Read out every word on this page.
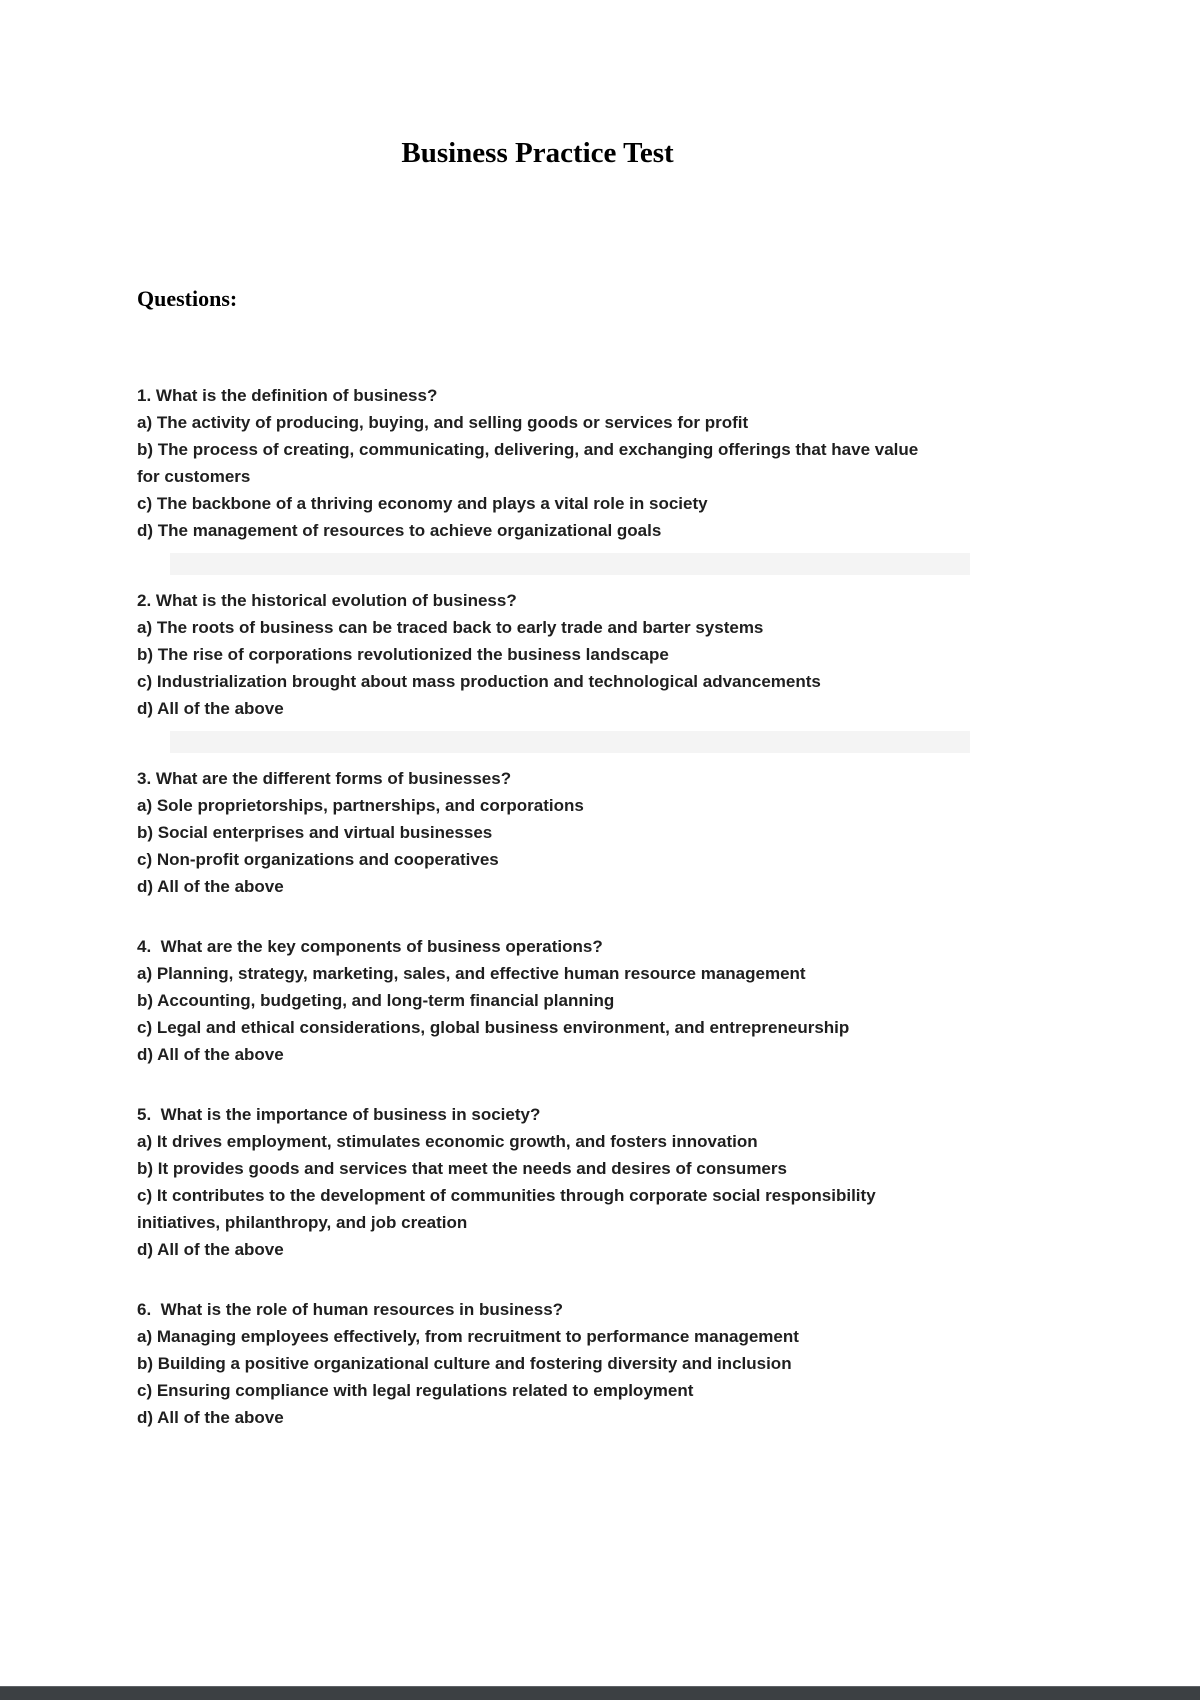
Business Practice Test
Questions:

1. What is the definition of business?

a) The activity of producing, buying, and selling goods or services for profit

b) The process of creating, communicating, delivering, and exchanging offerings that have value for customers

c) The backbone of a thriving economy and plays a vital role in society

d) The management of resources to achieve organizational goals

2. What is the historical evolution of business?

a) The roots of business can be traced back to early trade and barter systems

b) The rise of corporations revolutionized the business landscape

c) Industrialization brought about mass production and technological advancements

d) All of the above

3. What are the different forms of businesses?

a) Sole proprietorships, partnerships, and corporations

b) Social enterprises and virtual businesses

c) Non-profit organizations and cooperatives

d) All of the above

4.  What are the key components of business operations?

a) Planning, strategy, marketing, sales, and effective human resource management

b) Accounting, budgeting, and long-term financial planning

c) Legal and ethical considerations, global business environment, and entrepreneurship

d) All of the above

5.  What is the importance of business in society?

a) It drives employment, stimulates economic growth, and fosters innovation

b) It provides goods and services that meet the needs and desires of consumers

c) It contributes to the development of communities through corporate social responsibility initiatives, philanthropy, and job creation

d) All of the above

6.  What is the role of human resources in business?

a) Managing employees effectively, from recruitment to performance management

b) Building a positive organizational culture and fostering diversity and inclusion

c) Ensuring compliance with legal regulations related to employment

d) All of the above
